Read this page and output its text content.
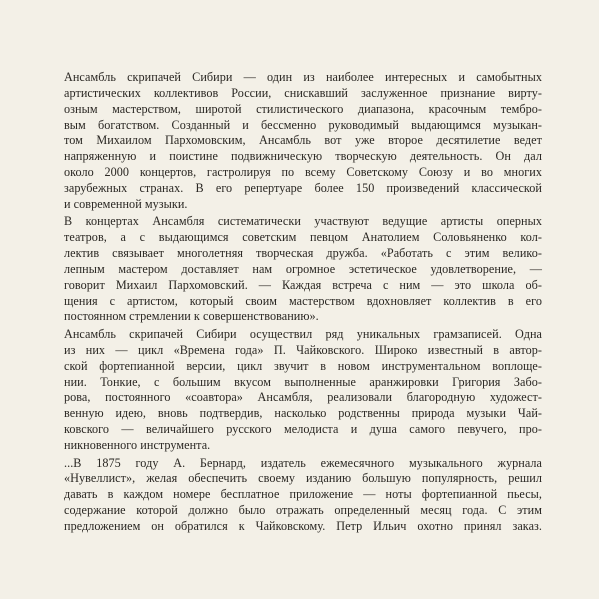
Ансамбль скрипачей Сибири — один из наиболее интересных и самобытных
артистических коллективов России, снискавший заслуженное признание вирту-
озным мастерством, широтой стилистического диапазона, красочным тембро-
вым богатством. Созданный и бессменно руководимый выдающимся музыкан-
том Михаилом Пархомовским, Ансамбль вот уже второе десятилетие ведет
напряженную и поистине подвижническую творческую деятельность. Он дал
около 2000 концертов, гастролируя по всему Советскому Союзу и во многих
зарубежных странах. В его репертуаре более 150 произведений классической
и современной музыки.
В концертах Ансамбля систематически участвуют ведущие артисты оперных
театров, а с выдающимся советским певцом Анатолием Соловьяненко кол-
лектив связывает многолетняя творческая дружба. «Работать с этим велико-
лепным мастером доставляет нам огромное эстетическое удовлетворение, —
говорит Михаил Пархомовский. — Каждая встреча с ним — это школа об-
щения с артистом, который своим мастерством вдохновляет коллектив в его
постоянном стремлении к совершенствованию».
Ансамбль скрипачей Сибири осуществил ряд уникальных грамзаписей. Одна
из них — цикл «Времена года» П. Чайковского. Широко известный в автор-
ской фортепианной версии, цикл звучит в новом инструментальном воплоще-
нии. Тонкие, с большим вкусом выполненные аранжировки Григория Забо-
рова, постоянного «соавтора» Ансамбля, реализовали благородную художест-
венную идею, вновь подтвердив, насколько родственны природа музыки Чай-
ковского — величайшего русского мелодиста и душа самого певучего, про-
никновенного инструмента.
...В 1875 году А. Бернард, издатель ежемесячного музыкального журнала
«Нувеллист», желая обеспечить своему изданию большую популярность, решил
давать в каждом номере бесплатное приложение — ноты фортепианной пьесы,
содержание которой должно было отражать определенный месяц года. С этим
предложением он обратился к Чайковскому. Петр Ильич охотно принял заказ.
